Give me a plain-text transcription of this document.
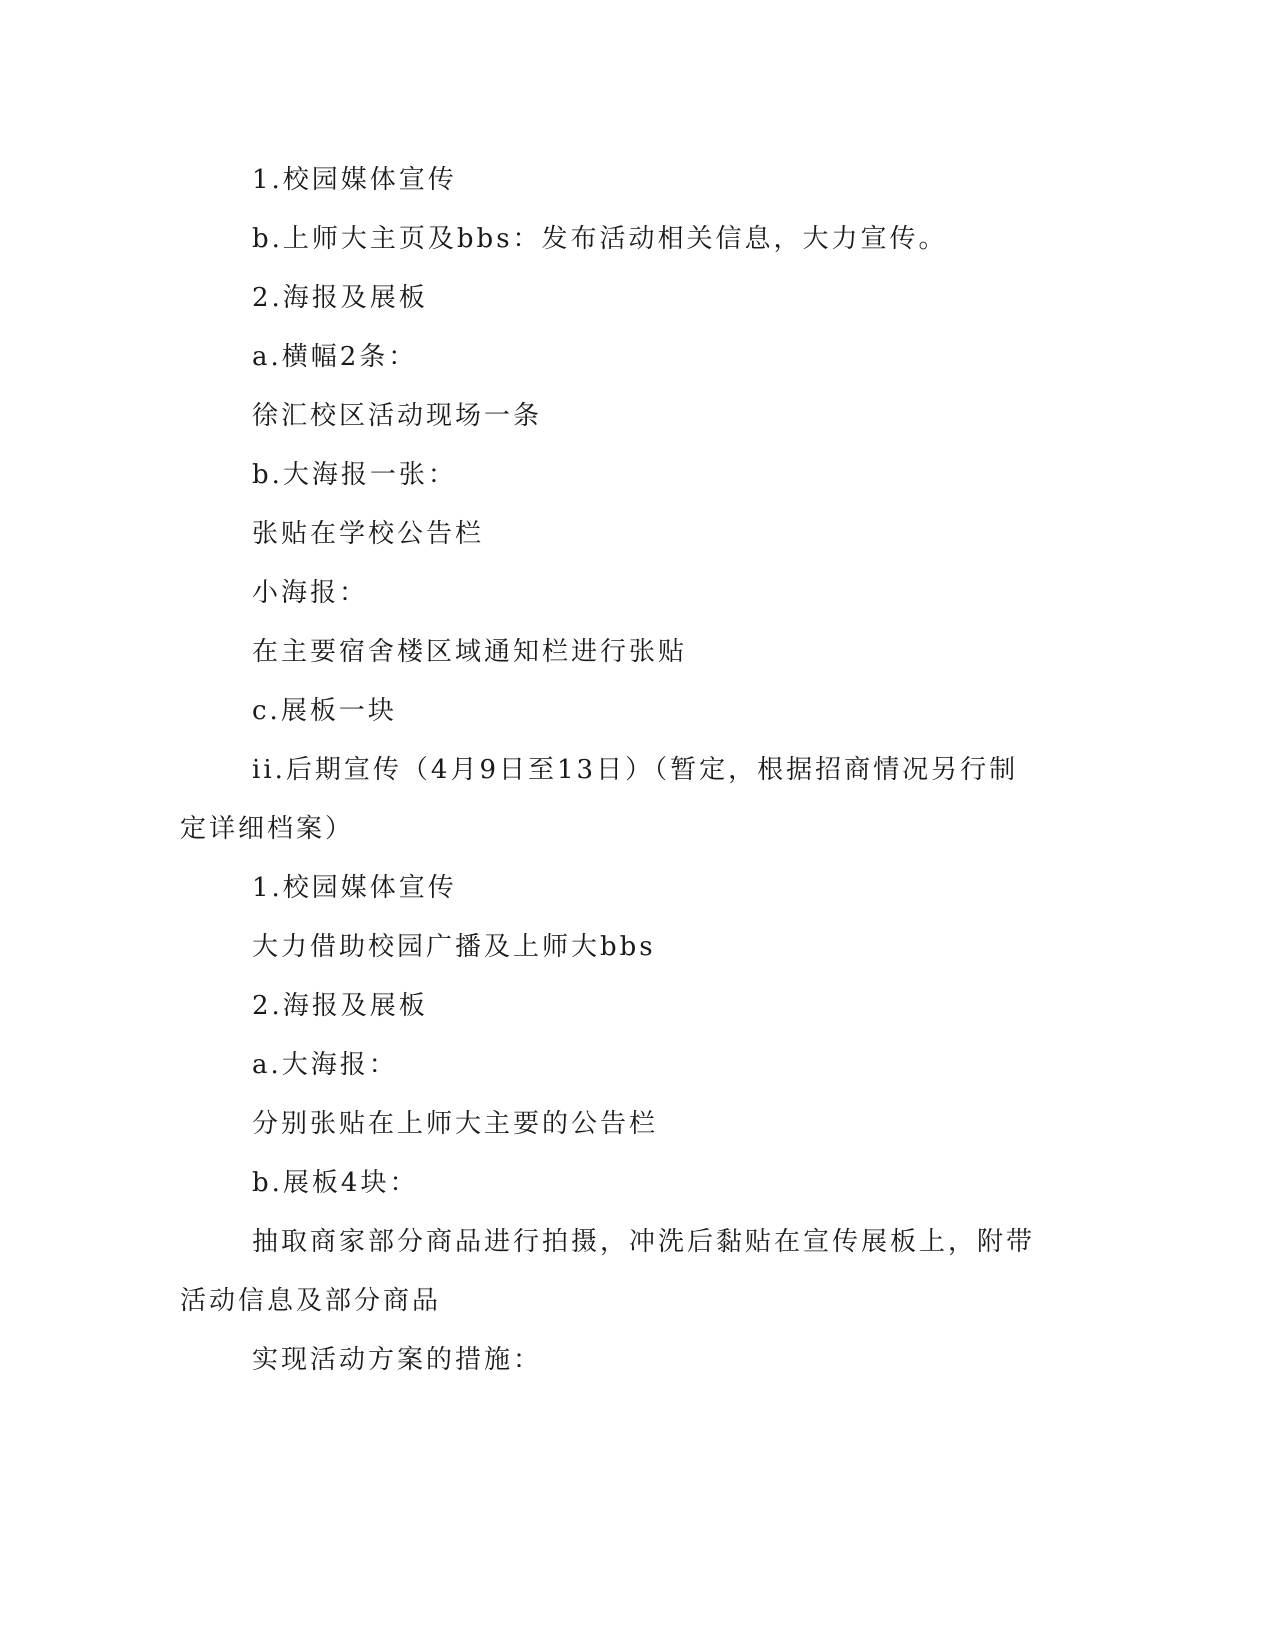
1.校园媒体宣传

b.上师大主页及bbs：发布活动相关信息，大力宣传。

2.海报及展板

a.横幅2条：

徐汇校区活动现场一条

b.大海报一张：

张贴在学校公告栏

小海报：

在主要宿舍楼区域通知栏进行张贴

c.展板一块

ii.后期宣传（4月9日至13日）（暂定，根据招商情况另行制定详细档案）

1.校园媒体宣传

大力借助校园广播及上师大bbs

2.海报及展板

a.大海报：

分别张贴在上师大主要的公告栏

b.展板4块：

抽取商家部分商品进行拍摄，冲洗后黏贴在宣传展板上，附带活动信息及部分商品

实现活动方案的措施：
